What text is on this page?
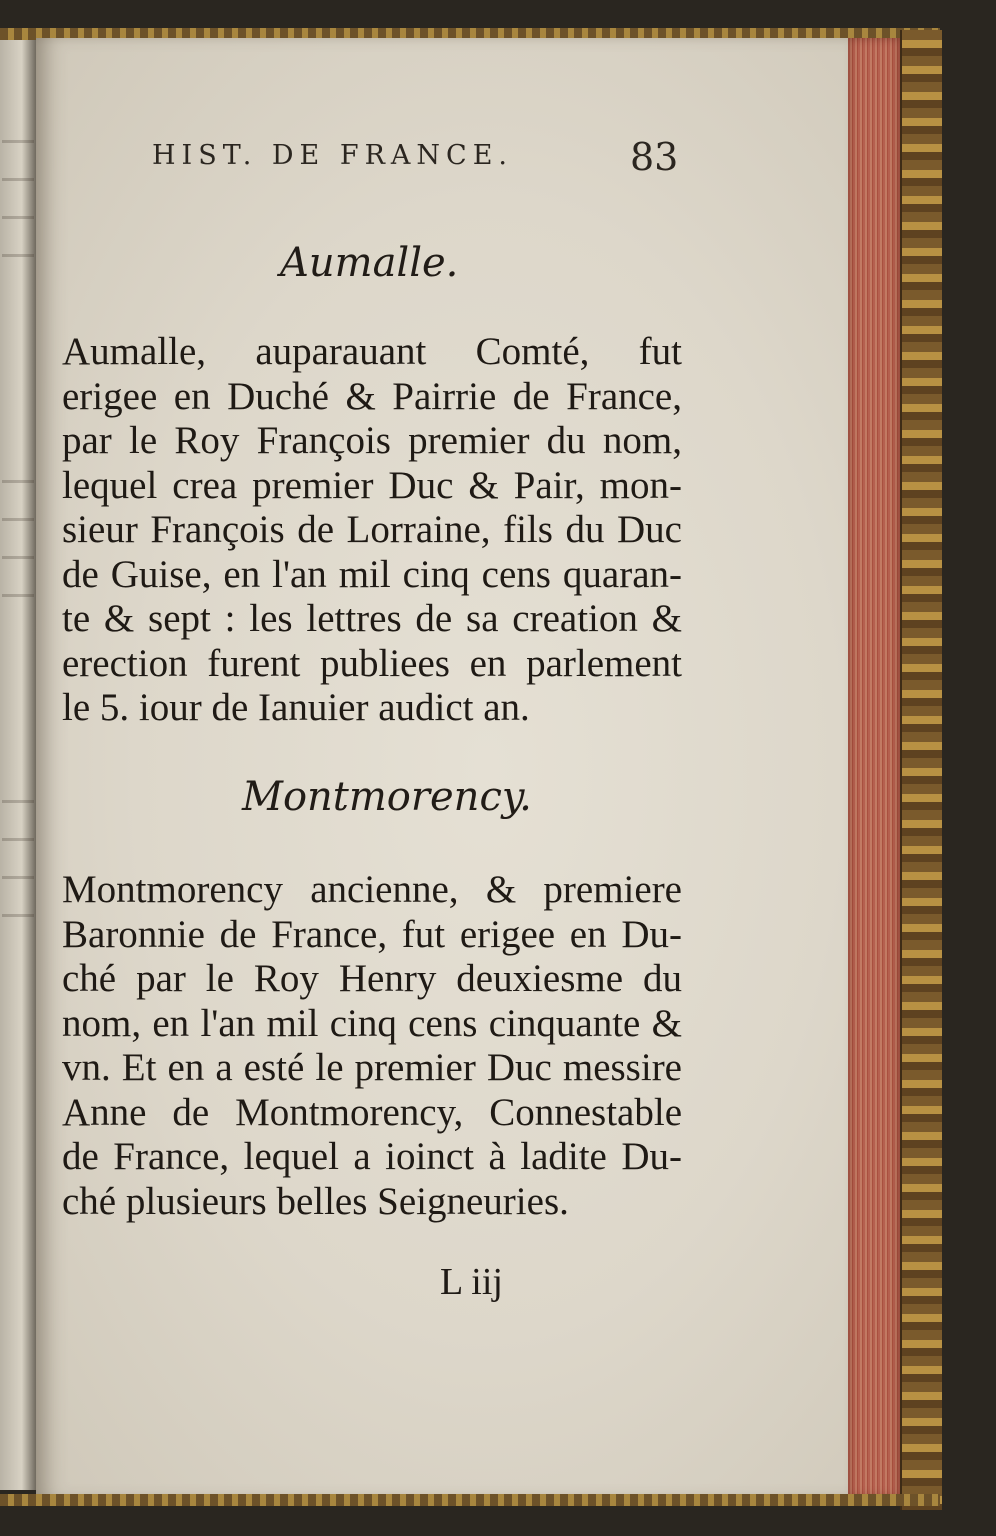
HIST. DE FRANCE.	83
Aumalle.

Aumalle, auparauant Comté, fut
erigee en Duché & Pairrie de France,
par le Roy François premier du nom,
lequel crea premier Duc & Pair, mon-
sieur François de Lorraine, fils du Duc
de Guise, en l'an mil cinq cens quaran-
te & sept : les lettres de sa creation &
erection furent publiees en parlement
le 5. iour de Ianuier audict an.

Montmorency.

Montmorency ancienne, & premiere
Baronnie de France, fut erigee en Du-
ché par le Roy Henry deuxiesme du
nom, en l'an mil cinq cens cinquante &
vn. Et en a esté le premier Duc messire
Anne de Montmorency, Connestable
de France, lequel a ioinct à ladite Du-
ché plusieurs belles Seigneuries.

L iij
